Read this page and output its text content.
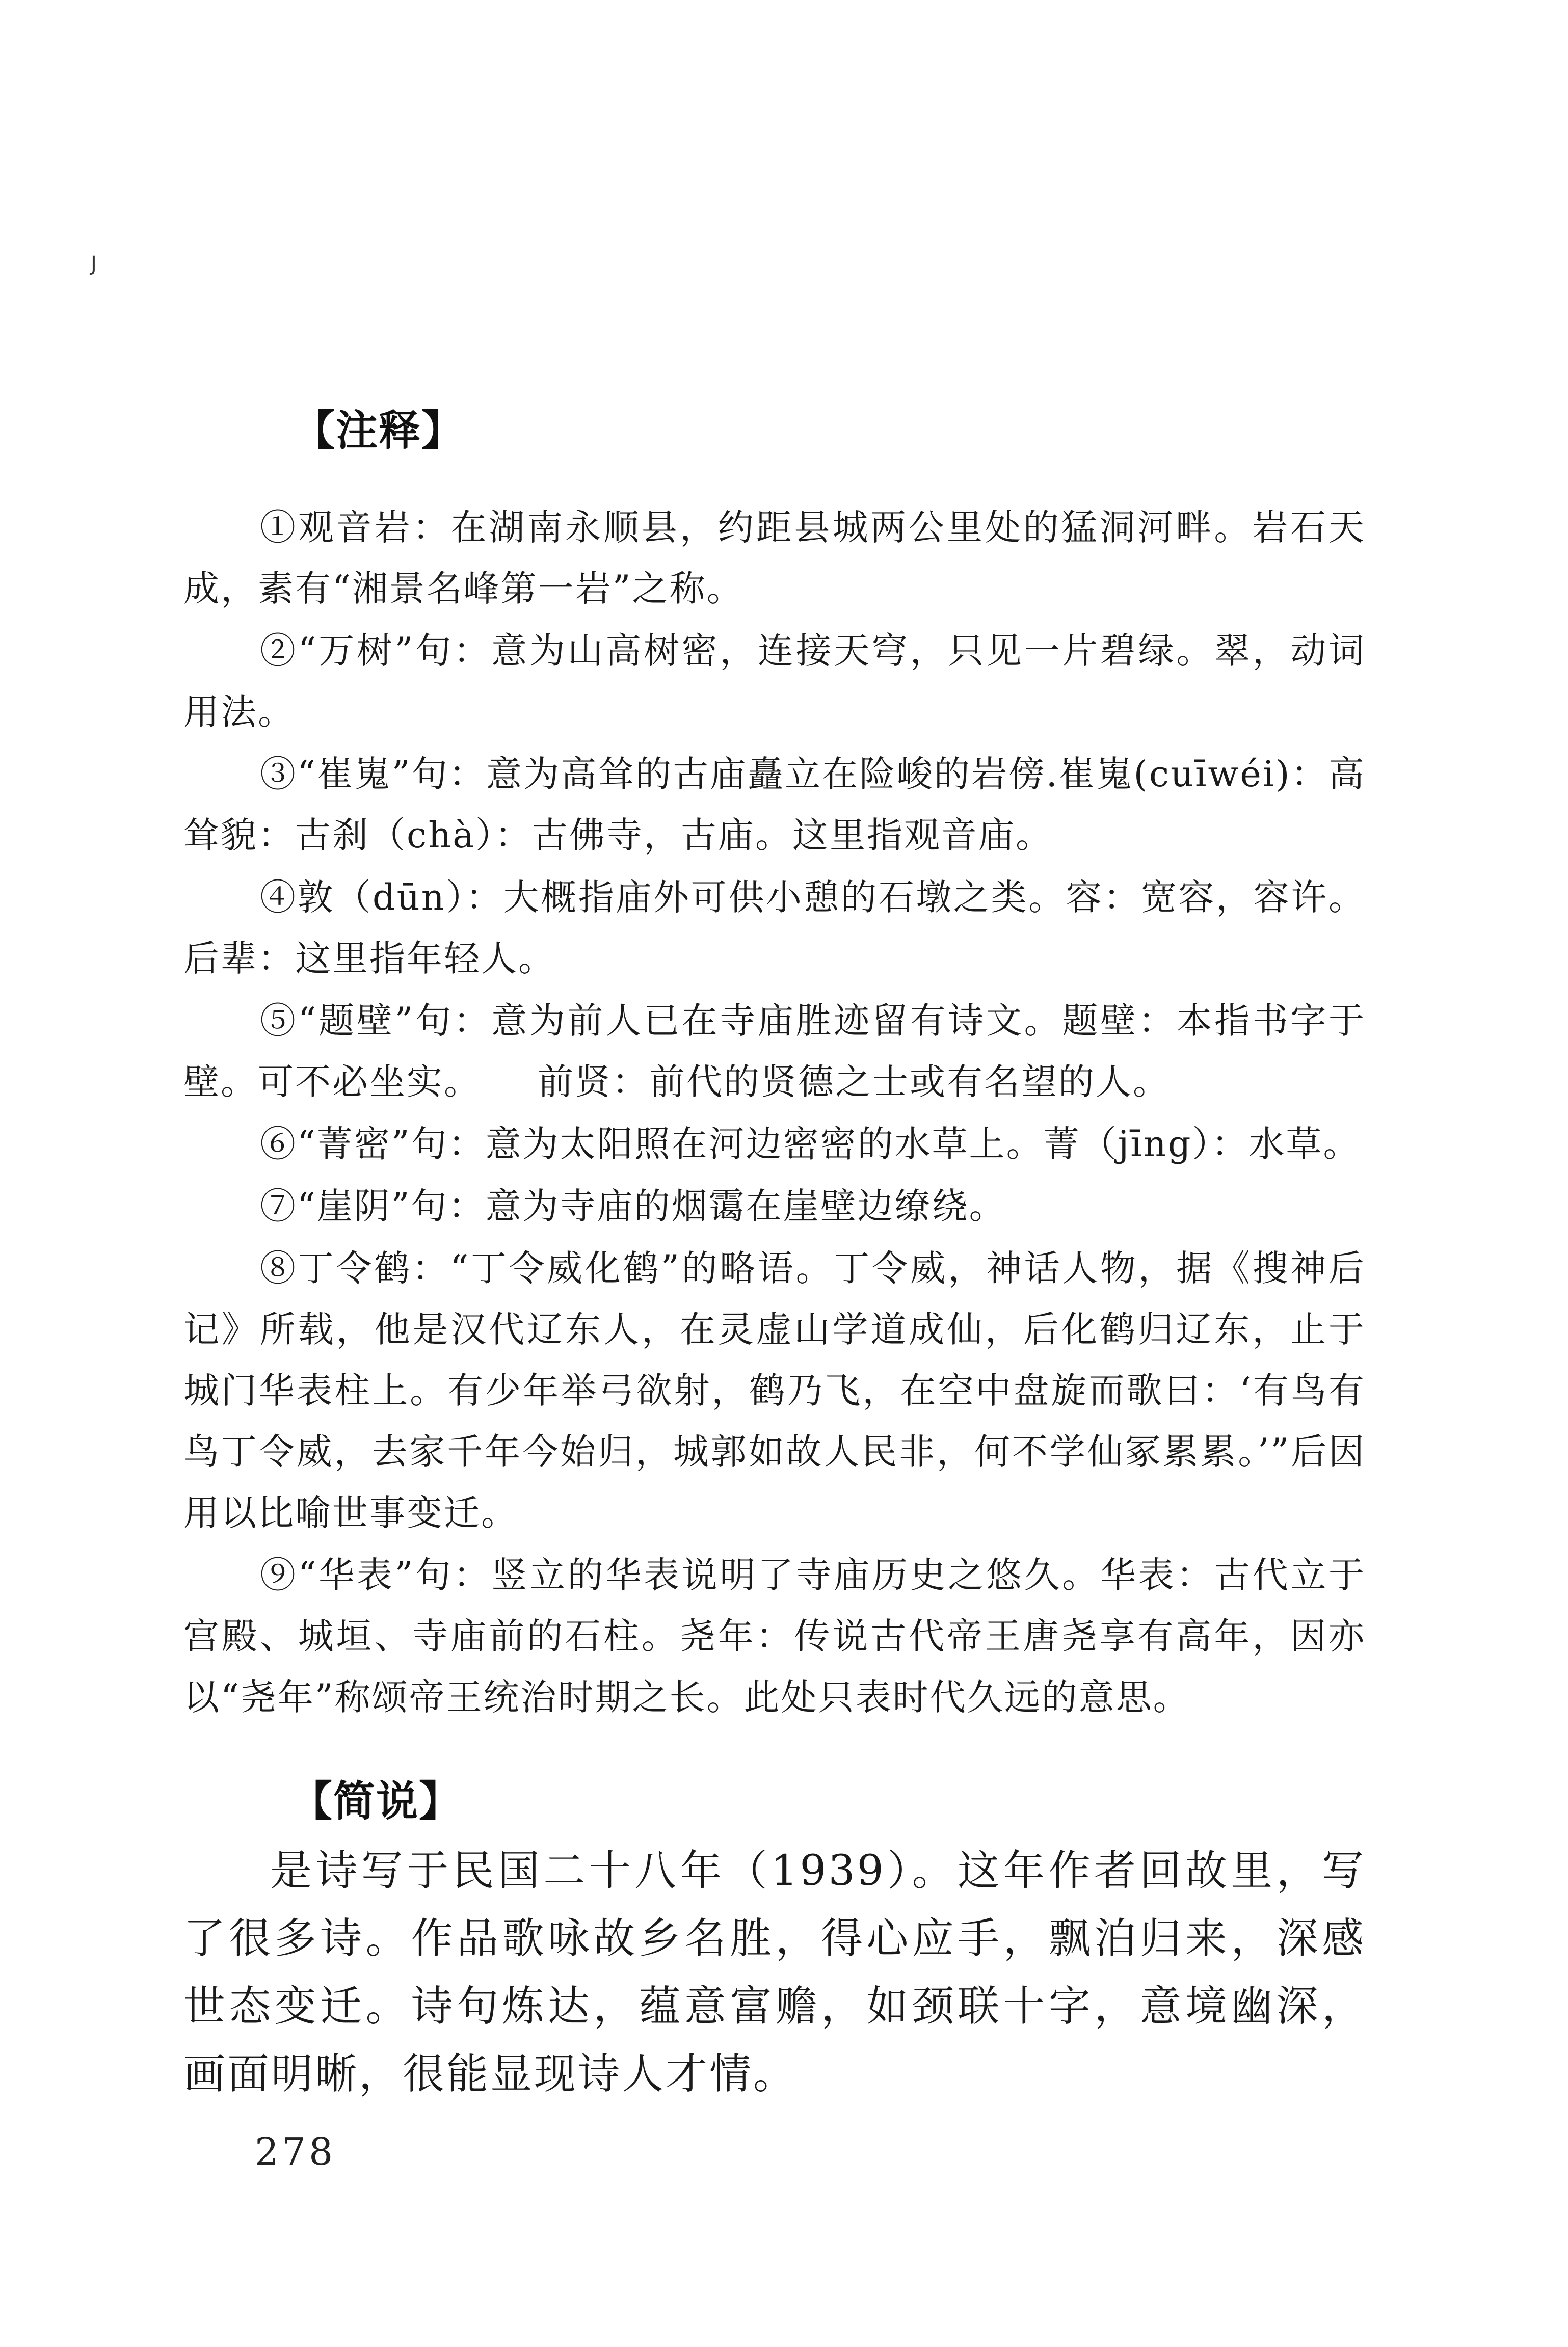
J
【注释】

①观音岩：在湖南永顺县，约距县城两公里处的猛洞河畔。岩石天成，素有“湘景名峰第一岩”之称。

②“万树”句：意为山高树密，连接天穹，只见一片碧绿。翠，动词用法。

③“崔嵬”句：意为高耸的古庙矗立在险峻的岩傍.崔嵬(cuīwéi)：高耸貌：古刹（chà）：古佛寺，古庙。这里指观音庙。

④敦（dūn）：大概指庙外可供小憩的石墩之类。容：宽容，容许。后辈：这里指年轻人。

⑤“题壁”句：意为前人已在寺庙胜迹留有诗文。题壁：本指书字于壁。可不必坐实。　　前贤：前代的贤德之士或有名望的人。

⑥“菁密”句：意为太阳照在河边密密的水草上。菁（jīng）：水草。

⑦“崖阴”句：意为寺庙的烟霭在崖壁边缭绕。

⑧丁令鹤：“丁令威化鹤”的略语。丁令威，神话人物，据《搜神后记》所载，他是汉代辽东人，在灵虚山学道成仙，后化鹤归辽东，止于城门华表柱上。有少年举弓欲射，鹤乃飞，在空中盘旋而歌曰：‘有鸟有鸟丁令威，去家千年今始归，城郭如故人民非，何不学仙冢累累。’”后因用以比喻世事变迁。

⑨“华表”句：竖立的华表说明了寺庙历史之悠久。华表：古代立于宫殿、城垣、寺庙前的石柱。尧年：传说古代帝王唐尧享有高年，因亦以“尧年”称颂帝王统治时期之长。此处只表时代久远的意思。

【简说】

是诗写于民国二十八年（1939）。这年作者回故里，写了很多诗。作品歌咏故乡名胜，得心应手，飘泊归来，深感世态变迁。诗句炼达，蕴意富赡，如颈联十字，意境幽深，画面明晰，很能显现诗人才情。

278
